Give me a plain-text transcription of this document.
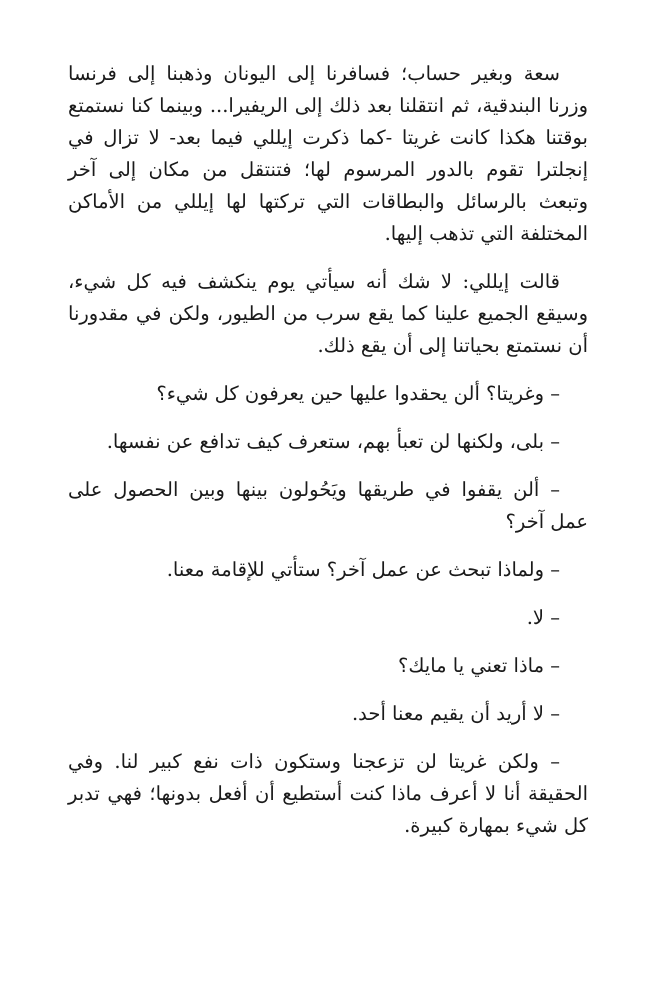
سعة وبغير حساب؛ فسافرنا إلى اليونان وذهبنا إلى فرنسا وزرنا البندقية، ثم انتقلنا بعد ذلك إلى الريفيرا... وبينما كنا نستمتع بوقتنا هكذا كانت غريتا -كما ذكرت إيللي فيما بعد- لا تزال في إنجلترا تقوم بالدور المرسوم لها؛ فتنتقل من مكان إلى آخر وتبعث بالرسائل والبطاقات التي تركتها لها إيللي من الأماكن المختلفة التي تذهب إليها.

قالت إيللي: لا شك أنه سيأتي يوم ينكشف فيه كل شيء، وسيقع الجميع علينا كما يقع سرب من الطيور، ولكن في مقدورنا أن نستمتع بحياتنا إلى أن يقع ذلك.

– وغريتا؟ ألن يحقدوا عليها حين يعرفون كل شيء؟

– بلى، ولكنها لن تعبأ بهم، ستعرف كيف تدافع عن نفسها.

– ألن يقفوا في طريقها ويَحُولون بينها وبين الحصول على عمل آخر؟

– ولماذا تبحث عن عمل آخر؟ ستأتي للإقامة معنا.

– لا.

– ماذا تعني يا مايك؟

– لا أريد أن يقيم معنا أحد.

– ولكن غريتا لن تزعجنا وستكون ذات نفع كبير لنا. وفي الحقيقة أنا لا أعرف ماذا كنت أستطيع أن أفعل بدونها؛ فهي تدبر كل شيء بمهارة كبيرة.
